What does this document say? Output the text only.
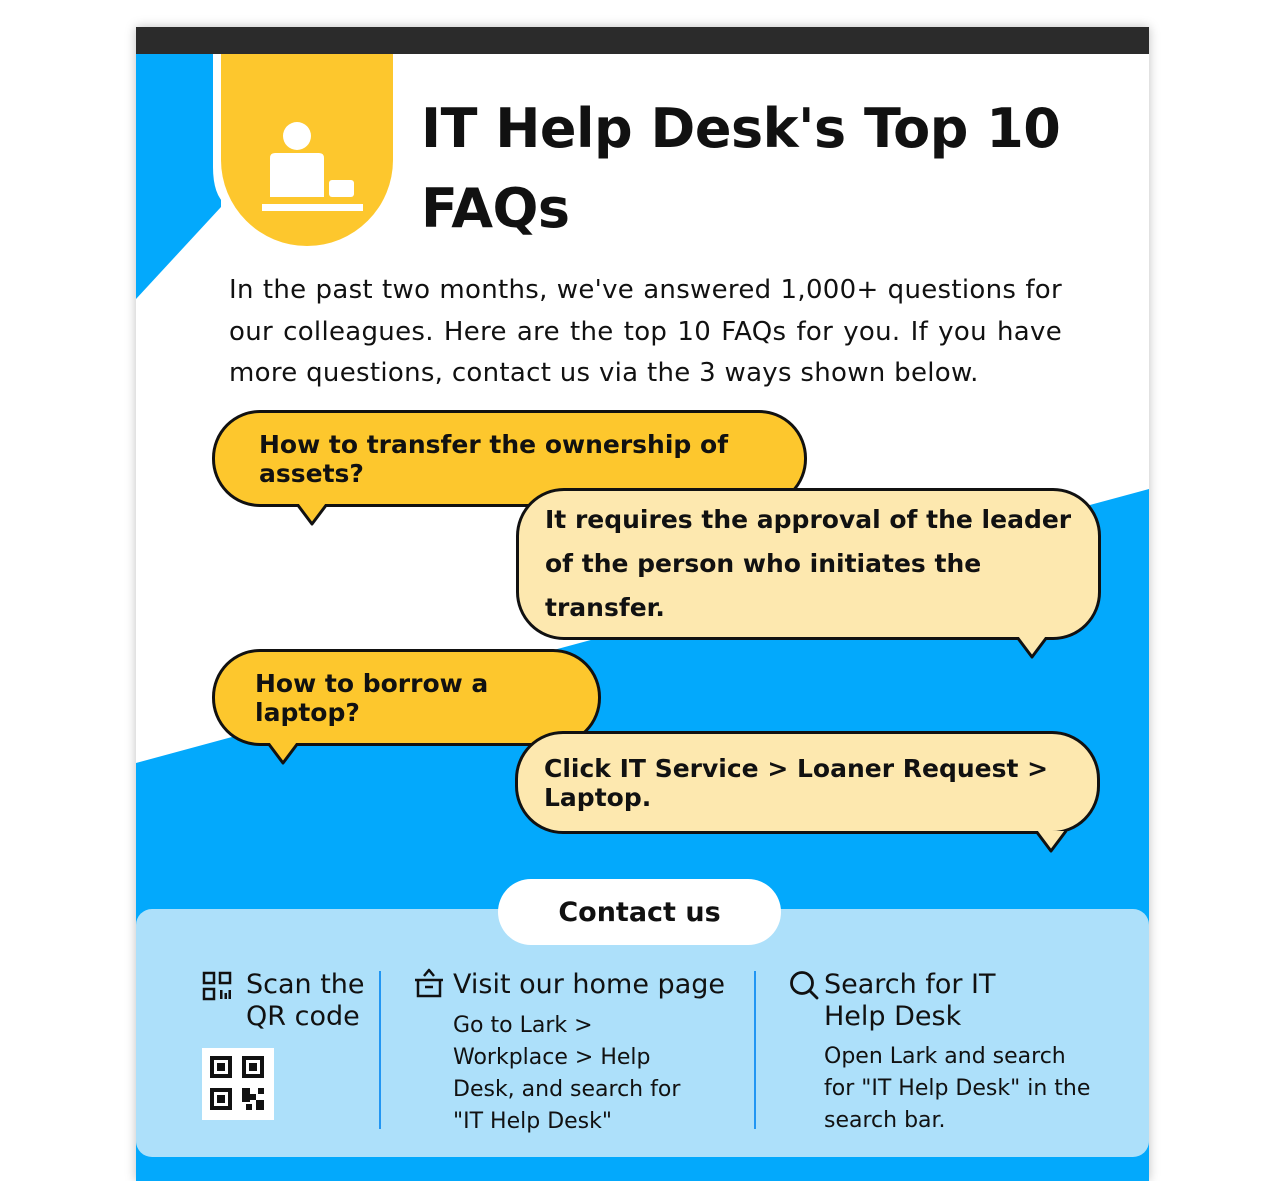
IT Help Desk's Top 10 FAQs

In the past two months, we've answered 1,000+ questions for our colleagues. Here are the top 10 FAQs for you. If you have more questions, contact us via the 3 ways shown below.

How to transfer the ownership of assets?
It requires the approval of the leader of the person who initiates the transfer.
How to borrow a laptop?
Click IT Service > Loaner Request > Laptop.
Contact us

Scan the QR code

Visit our home page

Go to Lark > Workplace > Help Desk, and search for "IT Help Desk"

Search for IT Help Desk

Open Lark and search for "IT Help Desk" in the search bar.
